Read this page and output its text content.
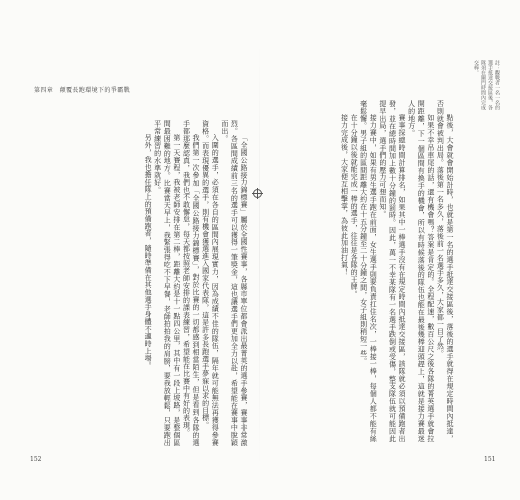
第四章　顛覆長跑環境下的爭霸戰

「全國公路接力錦標賽」屬於全國性賽事，各縣市單位都會派出最菁英的選手參賽，賽事非常激烈。各區間成績前三名的選手可以獲得一筆獎金，這也讓選手們更加全力以赴，希望能在賽事中脫穎而出。

入圍的選手，必須在各自的區間內展現實力，因為成績不佳的隊伍，隔年就可能無法再獲得參賽資格。而表現優異的選手，則有機會獲選進入國家代表隊，這是許多長跑選手夢寐以求的目標。

我們第一次參加「全國公路接力錦標賽」，對於比賽的一切都感到相當陌生，但是看到各隊的選手都那麼認真，我們也不敢懈怠，每天都按照老師安排的課表練習，希望能在比賽中有好的表現。

第一天賽程，我被老師安排在第二棒，距離大約是十一點四公里，其中有一段上坡路，是整個區間最困難的地方。比賽當天早上，我緊張得吃不下早餐，老師拍拍我的肩膀，要我放輕鬆，只要跑出平常練習的水準就好。

另外，我也擔任隊上的預備跑者，隨時準備在其他選手身體不適時上場。	點後，大會就會開始計時，也就是第一名的選手抵達交接區後，落後的選手就得在規定時間內抵達，否則就會被判出局。落後第一名多久，落後前一名選手多久，大家都一目了然。

如果不幸吊車尾的話，還有機會嗎？答案是肯定的。全程配速，數百公尺之後各隊的菁英選手就會拉開距離，下一個區間有換手的機會，所以有時候落後的隊伍也能在最後幾棒迎頭趕上，這就是接力賽最迷人的地方。

賽事採總時間計算排名，如果其中一棒選手沒有在規定時間內抵達交接區，該隊就必須以預備跑者出發，並在總時間加上數十分鐘的罰時。因此，萬一不幸某隊有一名選手跌倒或受傷，整支隊伍就可能因此提早出局，選手們的壓力可想而知。

接力賽中，如果有男生選手跑在前面，女生選手則要負責扛住名次，一棒接一棒，每個人都不能有絲毫鬆懈。男子組的區間距離大約在十五分鐘至二十分鐘之間，女子組則稍短一些。

在十分鐘以後就能完成一棒的選手，往往是各隊的王牌。

接力完成後，大家便互相擊掌，為彼此加油打氣！

註：觀戰者一名一名的選手抵達交接區後，各隊須在關門時間內完成交棒。
152	151
